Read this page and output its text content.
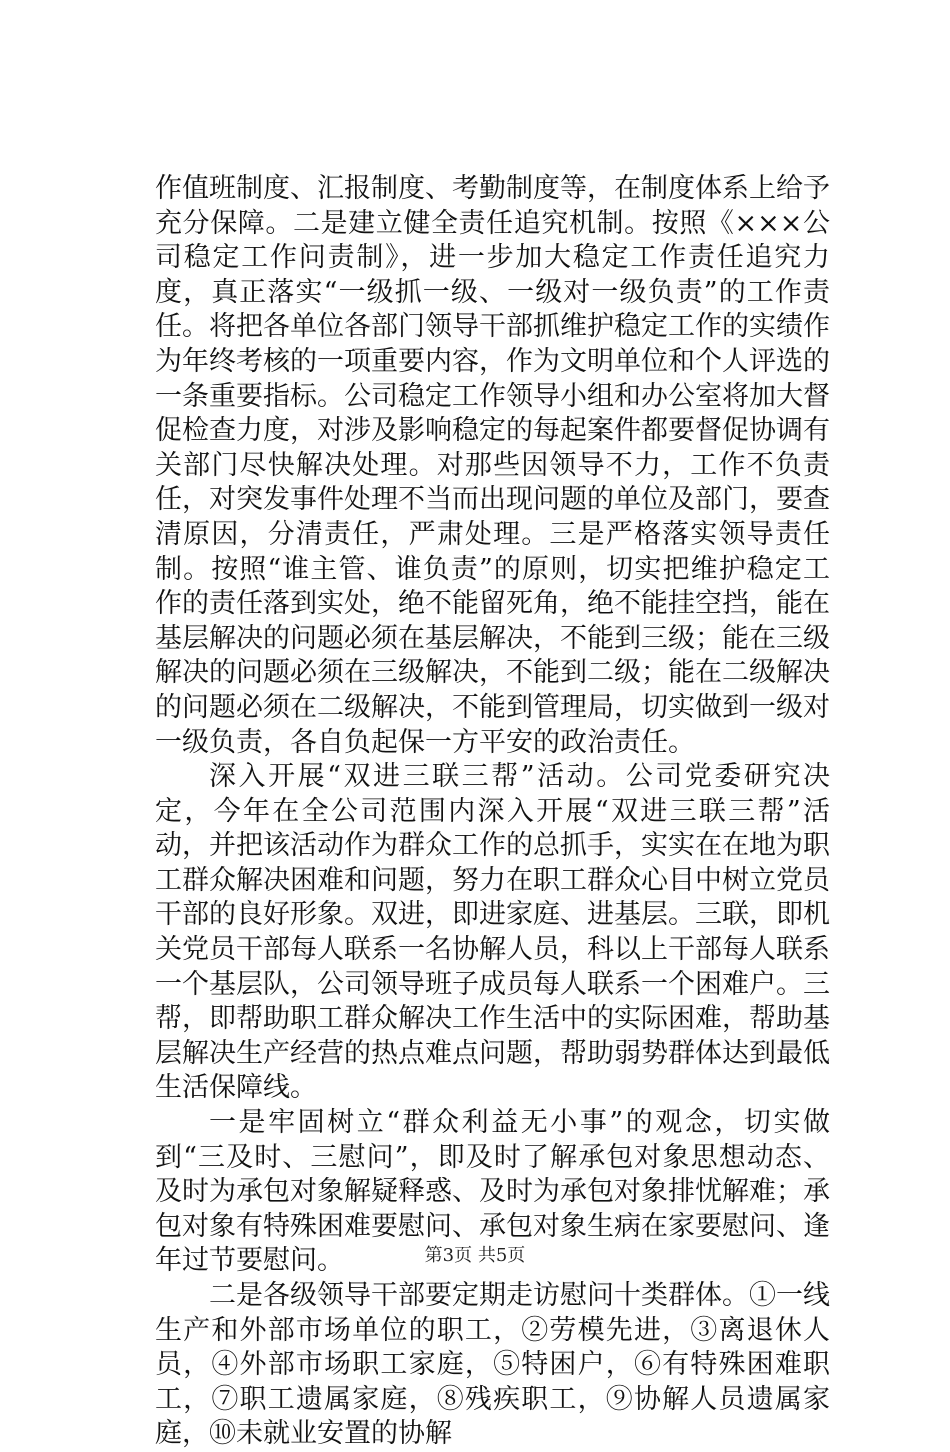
作值班制度、汇报制度、考勤制度等，在制度体系上给予充分保障。二是建立健全责任追究机制。按照《×××公司稳定工作问责制》，进一步加大稳定工作责任追究力度，真正落实“一级抓一级、一级对一级负责”的工作责任。将把各单位各部门领导干部抓维护稳定工作的实绩作为年终考核的一项重要内容，作为文明单位和个人评选的一条重要指标。公司稳定工作领导小组和办公室将加大督促检查力度，对涉及影响稳定的每起案件都要督促协调有关部门尽快解决处理。对那些因领导不力，工作不负责任，对突发事件处理不当而出现问题的单位及部门，要查清原因，分清责任，严肃处理。三是严格落实领导责任制。按照“谁主管、谁负责”的原则，切实把维护稳定工作的责任落到实处，绝不能留死角，绝不能挂空挡，能在基层解决的问题必须在基层解决，不能到三级；能在三级解决的问题必须在三级解决，不能到二级；能在二级解决的问题必须在二级解决，不能到管理局，切实做到一级对一级负责，各自负起保一方平安的政治责任。

深入开展“双进三联三帮”活动。公司党委研究决定，今年在全公司范围内深入开展“双进三联三帮”活动，并把该活动作为群众工作的总抓手，实实在在地为职工群众解决困难和问题，努力在职工群众心目中树立党员干部的良好形象。双进，即进家庭、进基层。三联，即机关党员干部每人联系一名协解人员，科以上干部每人联系一个基层队，公司领导班子成员每人联系一个困难户。三帮，即帮助职工群众解决工作生活中的实际困难，帮助基层解决生产经营的热点难点问题，帮助弱势群体达到最低生活保障线。

一是牢固树立“群众利益无小事”的观念，切实做到“三及时、三慰问”，即及时了解承包对象思想动态、及时为承包对象解疑释惑、及时为承包对象排忧解难；承包对象有特殊困难要慰问、承包对象生病在家要慰问、逢年过节要慰问。

二是各级领导干部要定期走访慰问十类群体。①一线生产和外部市场单位的职工，②劳模先进，③离退休人员，④外部市场职工家庭，⑤特困户，⑥有特殊困难职工，⑦职工遗属家庭，⑧残疾职工，⑨协解人员遗属家庭，⑩未就业安置的协解

第3页 共5页
